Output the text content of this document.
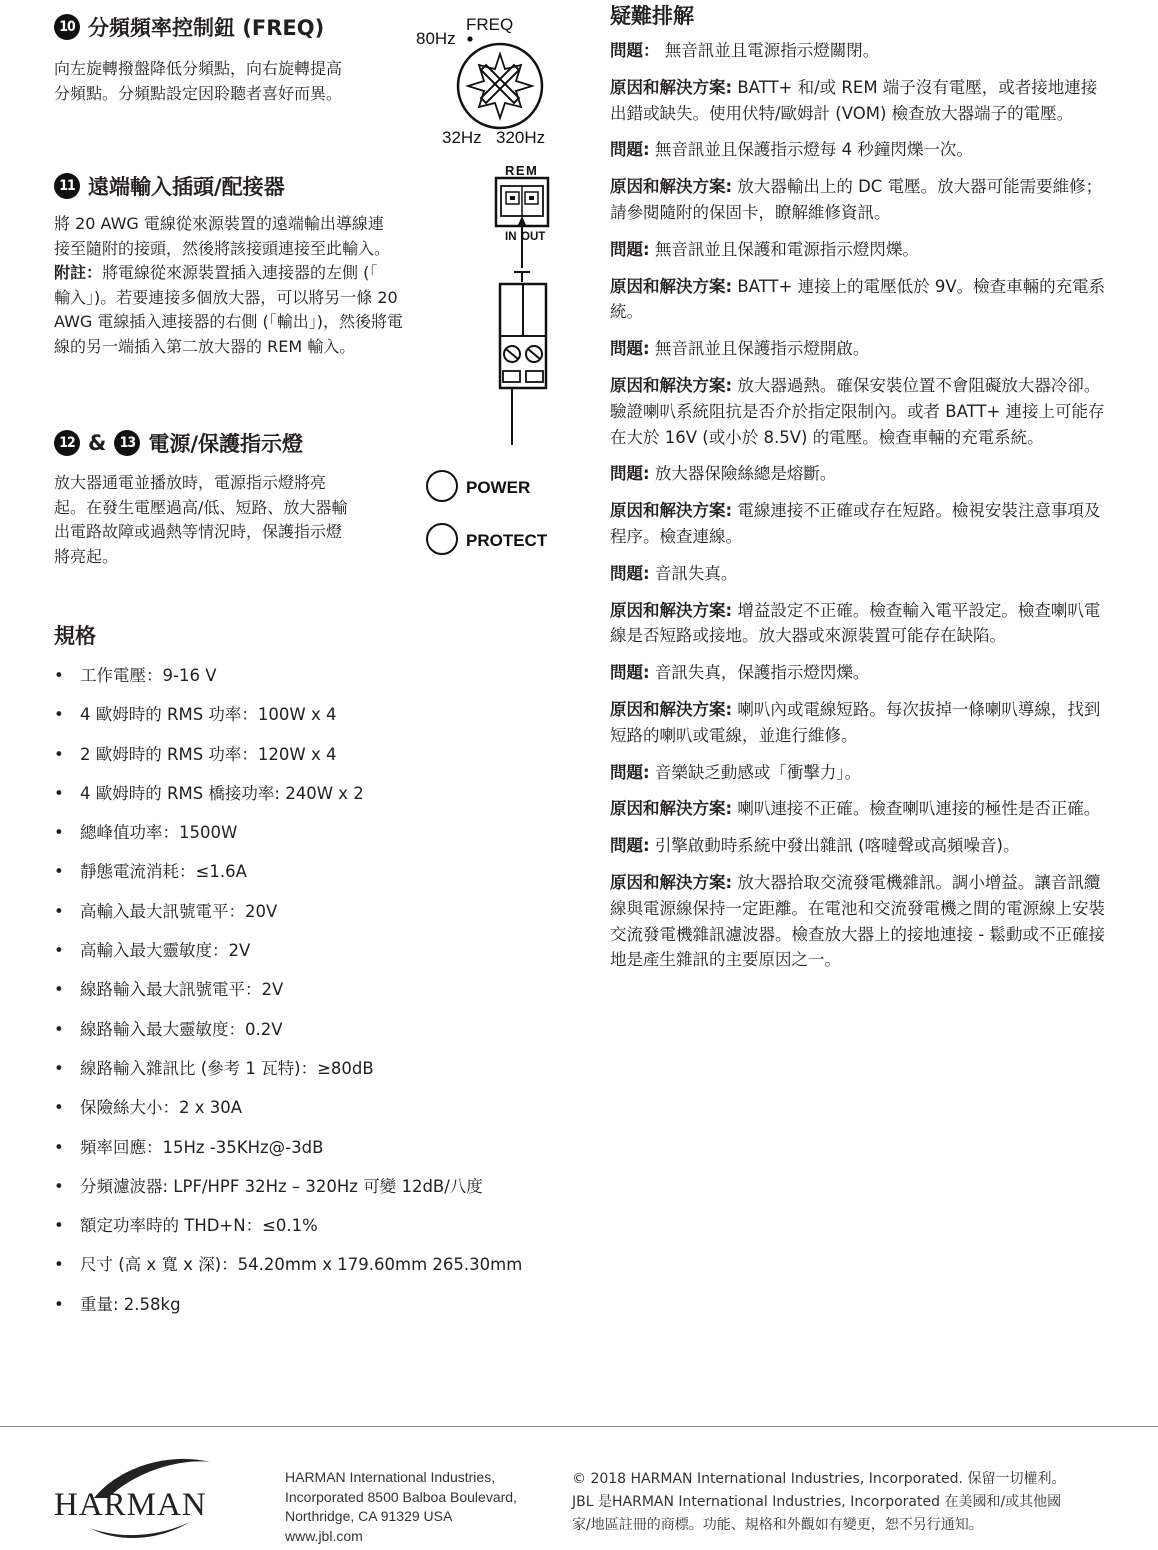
10 分頻頻率控制鈕 (FREQ)

向左旋轉撥盤降低分頻點，向右旋轉提高

分頻點。分頻點設定因聆聽者喜好而異。

FREQ
80Hz
32Hz 320Hz
11 遠端輸入插頭/配接器

將 20 AWG 電線從來源裝置的遠端輸出導線連

接至隨附的接頭，然後將該接頭連接至此輸入。

附註：將電線從來源裝置插入連接器的左側 (「

輸入」)。若要連接多個放大器，可以將另一條 20

AWG 電線插入連接器的右側 (「輸出」)，然後將電

線的另一端插入第二放大器的 REM 輸入。

REM
IN OUT
12 & 13 電源/保護指示燈

放大器通電並播放時，電源指示燈將亮

起。在發生電壓過高/低、短路、放大器輸

出電路故障或過熱等情況時，保護指示燈

將亮起。

POWER
PROTECT
規格
• 工作電壓：9-16 V
• 4 歐姆時的 RMS 功率：100W x 4
• 2 歐姆時的 RMS 功率：120W x 4
• 4 歐姆時的 RMS 橋接功率: 240W x 2
• 總峰值功率：1500W
• 靜態電流消耗：≤1.6A
• 高輸入最大訊號電平：20V
• 高輸入最大靈敏度：2V
• 線路輸入最大訊號電平：2V
• 線路輸入最大靈敏度：0.2V
• 線路輸入雜訊比 (參考 1 瓦特)：≥80dB
• 保險絲大小：2 x 30A
• 頻率回應：15Hz -35KHz@-3dB
• 分頻濾波器: LPF/HPF 32Hz – 320Hz 可變 12dB/八度
• 額定功率時的 THD+N：≤0.1%
• 尺寸 (高 x 寬 x 深)：54.20mm x 179.60mm 265.30mm
• 重量: 2.58kg
疑難排解

問題： 無音訊並且電源指示燈關閉。

原因和解決方案: BATT+ 和/或 REM 端子沒有電壓，或者接地連接出錯或缺失。使用伏特/歐姆計 (VOM) 檢查放大器端子的電壓。

問題: 無音訊並且保護指示燈每 4 秒鐘閃爍一次。

原因和解決方案: 放大器輸出上的 DC 電壓。放大器可能需要維修；請參閱隨附的保固卡，瞭解維修資訊。

問題: 無音訊並且保護和電源指示燈閃爍。

原因和解決方案: BATT+ 連接上的電壓低於 9V。檢查車輛的充電系統。

問題: 無音訊並且保護指示燈開啟。

原因和解決方案: 放大器過熱。確保安裝位置不會阻礙放大器冷卻。驗證喇叭系統阻抗是否介於指定限制內。或者 BATT+ 連接上可能存在大於 16V (或小於 8.5V) 的電壓。檢查車輛的充電系統。

問題: 放大器保險絲總是熔斷。

原因和解決方案: 電線連接不正確或存在短路。檢視安裝注意事項及程序。檢查連線。

問題: 音訊失真。

原因和解決方案: 增益設定不正確。檢查輸入電平設定。檢查喇叭電線是否短路或接地。放大器或來源裝置可能存在缺陷。

問題: 音訊失真，保護指示燈閃爍。

原因和解決方案: 喇叭內或電線短路。每次拔掉一條喇叭導線，找到短路的喇叭或電線，並進行維修。

問題: 音樂缺乏動感或「衝擊力」。

原因和解決方案: 喇叭連接不正確。檢查喇叭連接的極性是否正確。

問題: 引擎啟動時系統中發出雜訊 (喀噠聲或高頻噪音)。

原因和解決方案: 放大器拾取交流發電機雜訊。調小增益。讓音訊纜線與電源線保持一定距離。在電池和交流發電機之間的電源線上安裝交流發電機雜訊濾波器。檢查放大器上的接地連接 - 鬆動或不正確接地是產生雜訊的主要原因之一。

HARMAN
HARMAN International Industries,
Incorporated 8500 Balboa Boulevard,
Northridge, CA 91329 USA
www.jbl.com
© 2018 HARMAN International Industries, Incorporated. 保留一切權利。
JBL 是HARMAN International Industries, Incorporated 在美國和/或其他國
家/地區註冊的商標。功能、規格和外觀如有變更，恕不另行通知。
